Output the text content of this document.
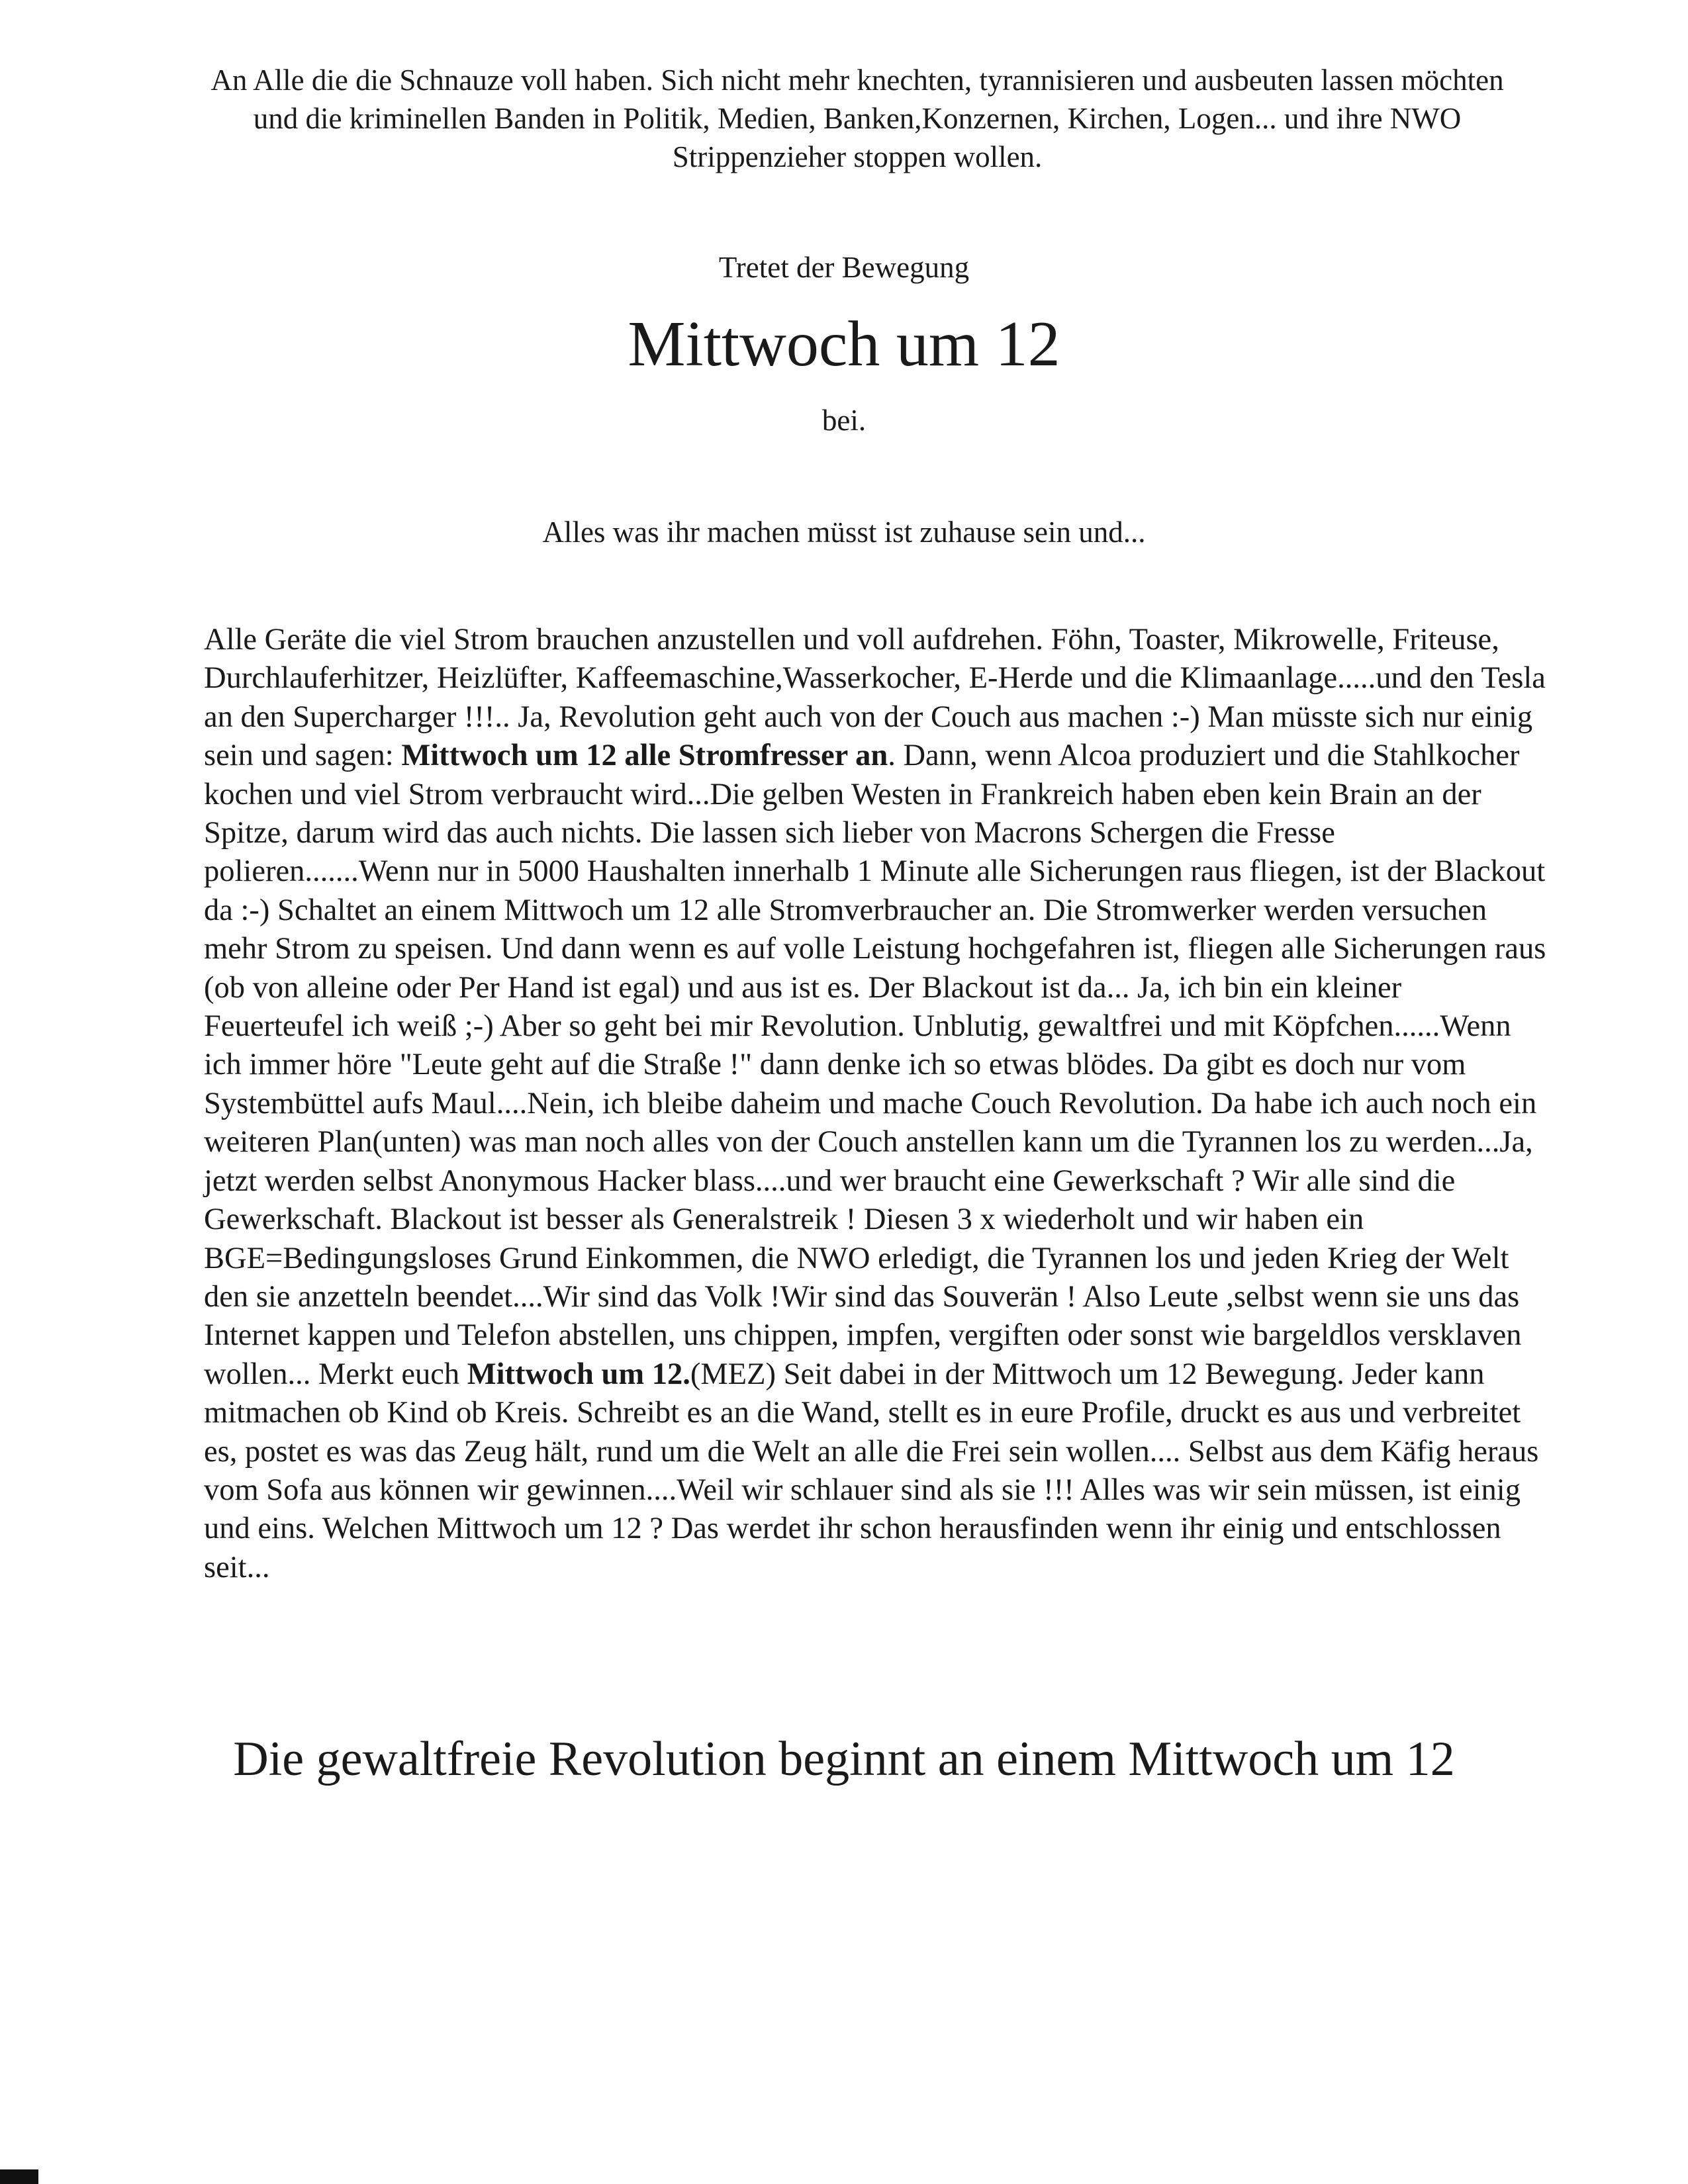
An Alle die die Schnauze voll haben. Sich nicht mehr knechten, tyrannisieren und ausbeuten lassen möchten und die kriminellen Banden in Politik, Medien, Banken,Konzernen, Kirchen, Logen... und ihre NWO Strippenzieher stoppen wollen.

Tretet der Bewegung

Mittwoch um 12

bei.

Alles was ihr machen müsst ist zuhause sein und...

Alle Geräte die viel Strom brauchen anzustellen und voll aufdrehen. Föhn, Toaster, Mikrowelle, Friteuse, Durchlauferhitzer, Heizlüfter, Kaffeemaschine,Wasserkocher, E-Herde und die Klimaanlage.....und den Tesla an den Supercharger !!!.. Ja, Revolution geht auch von der Couch aus machen :-) Man müsste sich nur einig sein und sagen: Mittwoch um 12 alle Stromfresser an. Dann, wenn Alcoa produziert und die Stahlkocher kochen und viel Strom verbraucht wird...Die gelben Westen in Frankreich haben eben kein Brain an der Spitze, darum wird das auch nichts. Die lassen sich lieber von Macrons Schergen die Fresse polieren.......Wenn nur in 5000 Haushalten innerhalb 1 Minute alle Sicherungen raus fliegen, ist der Blackout da :-) Schaltet an einem Mittwoch um 12 alle Stromverbraucher an. Die Stromwerker werden versuchen mehr Strom zu speisen. Und dann wenn es auf volle Leistung hochgefahren ist, fliegen alle Sicherungen raus (ob von alleine oder Per Hand ist egal) und aus ist es. Der Blackout ist da... Ja, ich bin ein kleiner Feuerteufel ich weiß ;-) Aber so geht bei mir Revolution. Unblutig, gewaltfrei und mit Köpfchen......Wenn ich immer höre "Leute geht auf die Straße !" dann denke ich so etwas blödes. Da gibt es doch nur vom Systembüttel aufs Maul....Nein, ich bleibe daheim und mache Couch Revolution. Da habe ich auch noch ein weiteren Plan(unten) was man noch alles von der Couch anstellen kann um die Tyrannen los zu werden...Ja, jetzt werden selbst Anonymous Hacker blass....und wer braucht eine Gewerkschaft ? Wir alle sind die Gewerkschaft. Blackout ist besser als Generalstreik ! Diesen 3 x wiederholt und wir haben ein BGE=Bedingungsloses Grund Einkommen, die NWO erledigt, die Tyrannen los und jeden Krieg der Welt den sie anzetteln beendet....Wir sind das Volk !Wir sind das Souverän ! Also Leute ,selbst wenn sie uns das Internet kappen und Telefon abstellen, uns chippen, impfen, vergiften oder sonst wie bargeldlos versklaven wollen... Merkt euch Mittwoch um 12.(MEZ) Seit dabei in der Mittwoch um 12 Bewegung. Jeder kann mitmachen ob Kind ob Kreis. Schreibt es an die Wand, stellt es in eure Profile, druckt es aus und verbreitet es, postet es was das Zeug hält, rund um die Welt an alle die Frei sein wollen.... Selbst aus dem Käfig heraus vom Sofa aus können wir gewinnen....Weil wir schlauer sind als sie !!! Alles was wir sein müssen, ist einig und eins. Welchen Mittwoch um 12 ? Das werdet ihr schon herausfinden wenn ihr einig und entschlossen seit...

Die gewaltfreie Revolution beginnt an einem Mittwoch um 12
